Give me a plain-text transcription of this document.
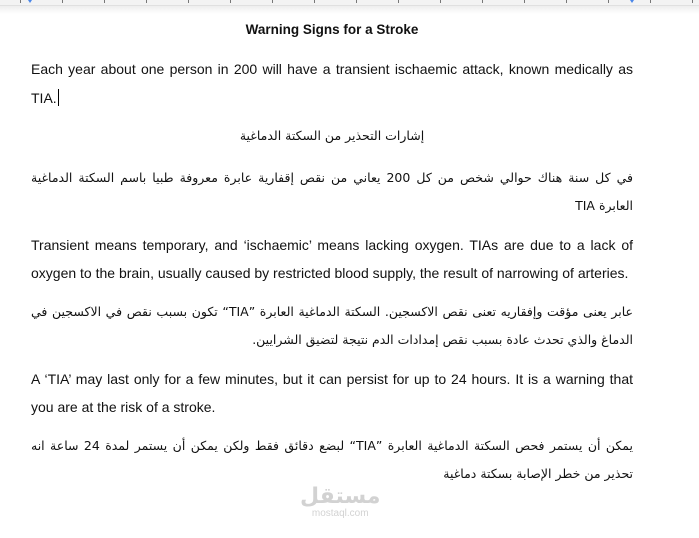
Warning Signs for a Stroke

Each year about one person in 200 will have a transient ischaemic attack, known medically as TIA.

إشارات التحذير من السكتة الدماغية

في كل سنة هناك حوالي شخص من كل 200 يعاني من نقص إقفارية عابرة معروفة طبيا باسم السكتة الدماغية العابرة TIA

Transient means temporary, and ‘ischaemic’ means lacking oxygen. TIAs are due to a lack of oxygen to the brain, usually caused by restricted blood supply, the result of narrowing of arteries.

عابر يعنى مؤقت وإفقاريه تعنى نقص الاكسجين. السكتة الدماغية العابرة ”TIA“ تكون بسبب نقص في الاكسجين في الدماغ والذي تحدث عادة بسبب نقص إمدادات الدم نتيجة لتضيق الشرايين.

A ‘TIA’ may last only for a few minutes, but it can persist for up to 24 hours. It is a warning that you are at the risk of a stroke.

يمكن أن يستمر فحص السكتة الدماغية العابرة ”TIA“ لبضع دقائق فقط ولكن يمكن أن يستمر لمدة 24 ساعة انه تحذير من خطر الإصابة بسكتة دماغية

مستقل
mostaql.com
